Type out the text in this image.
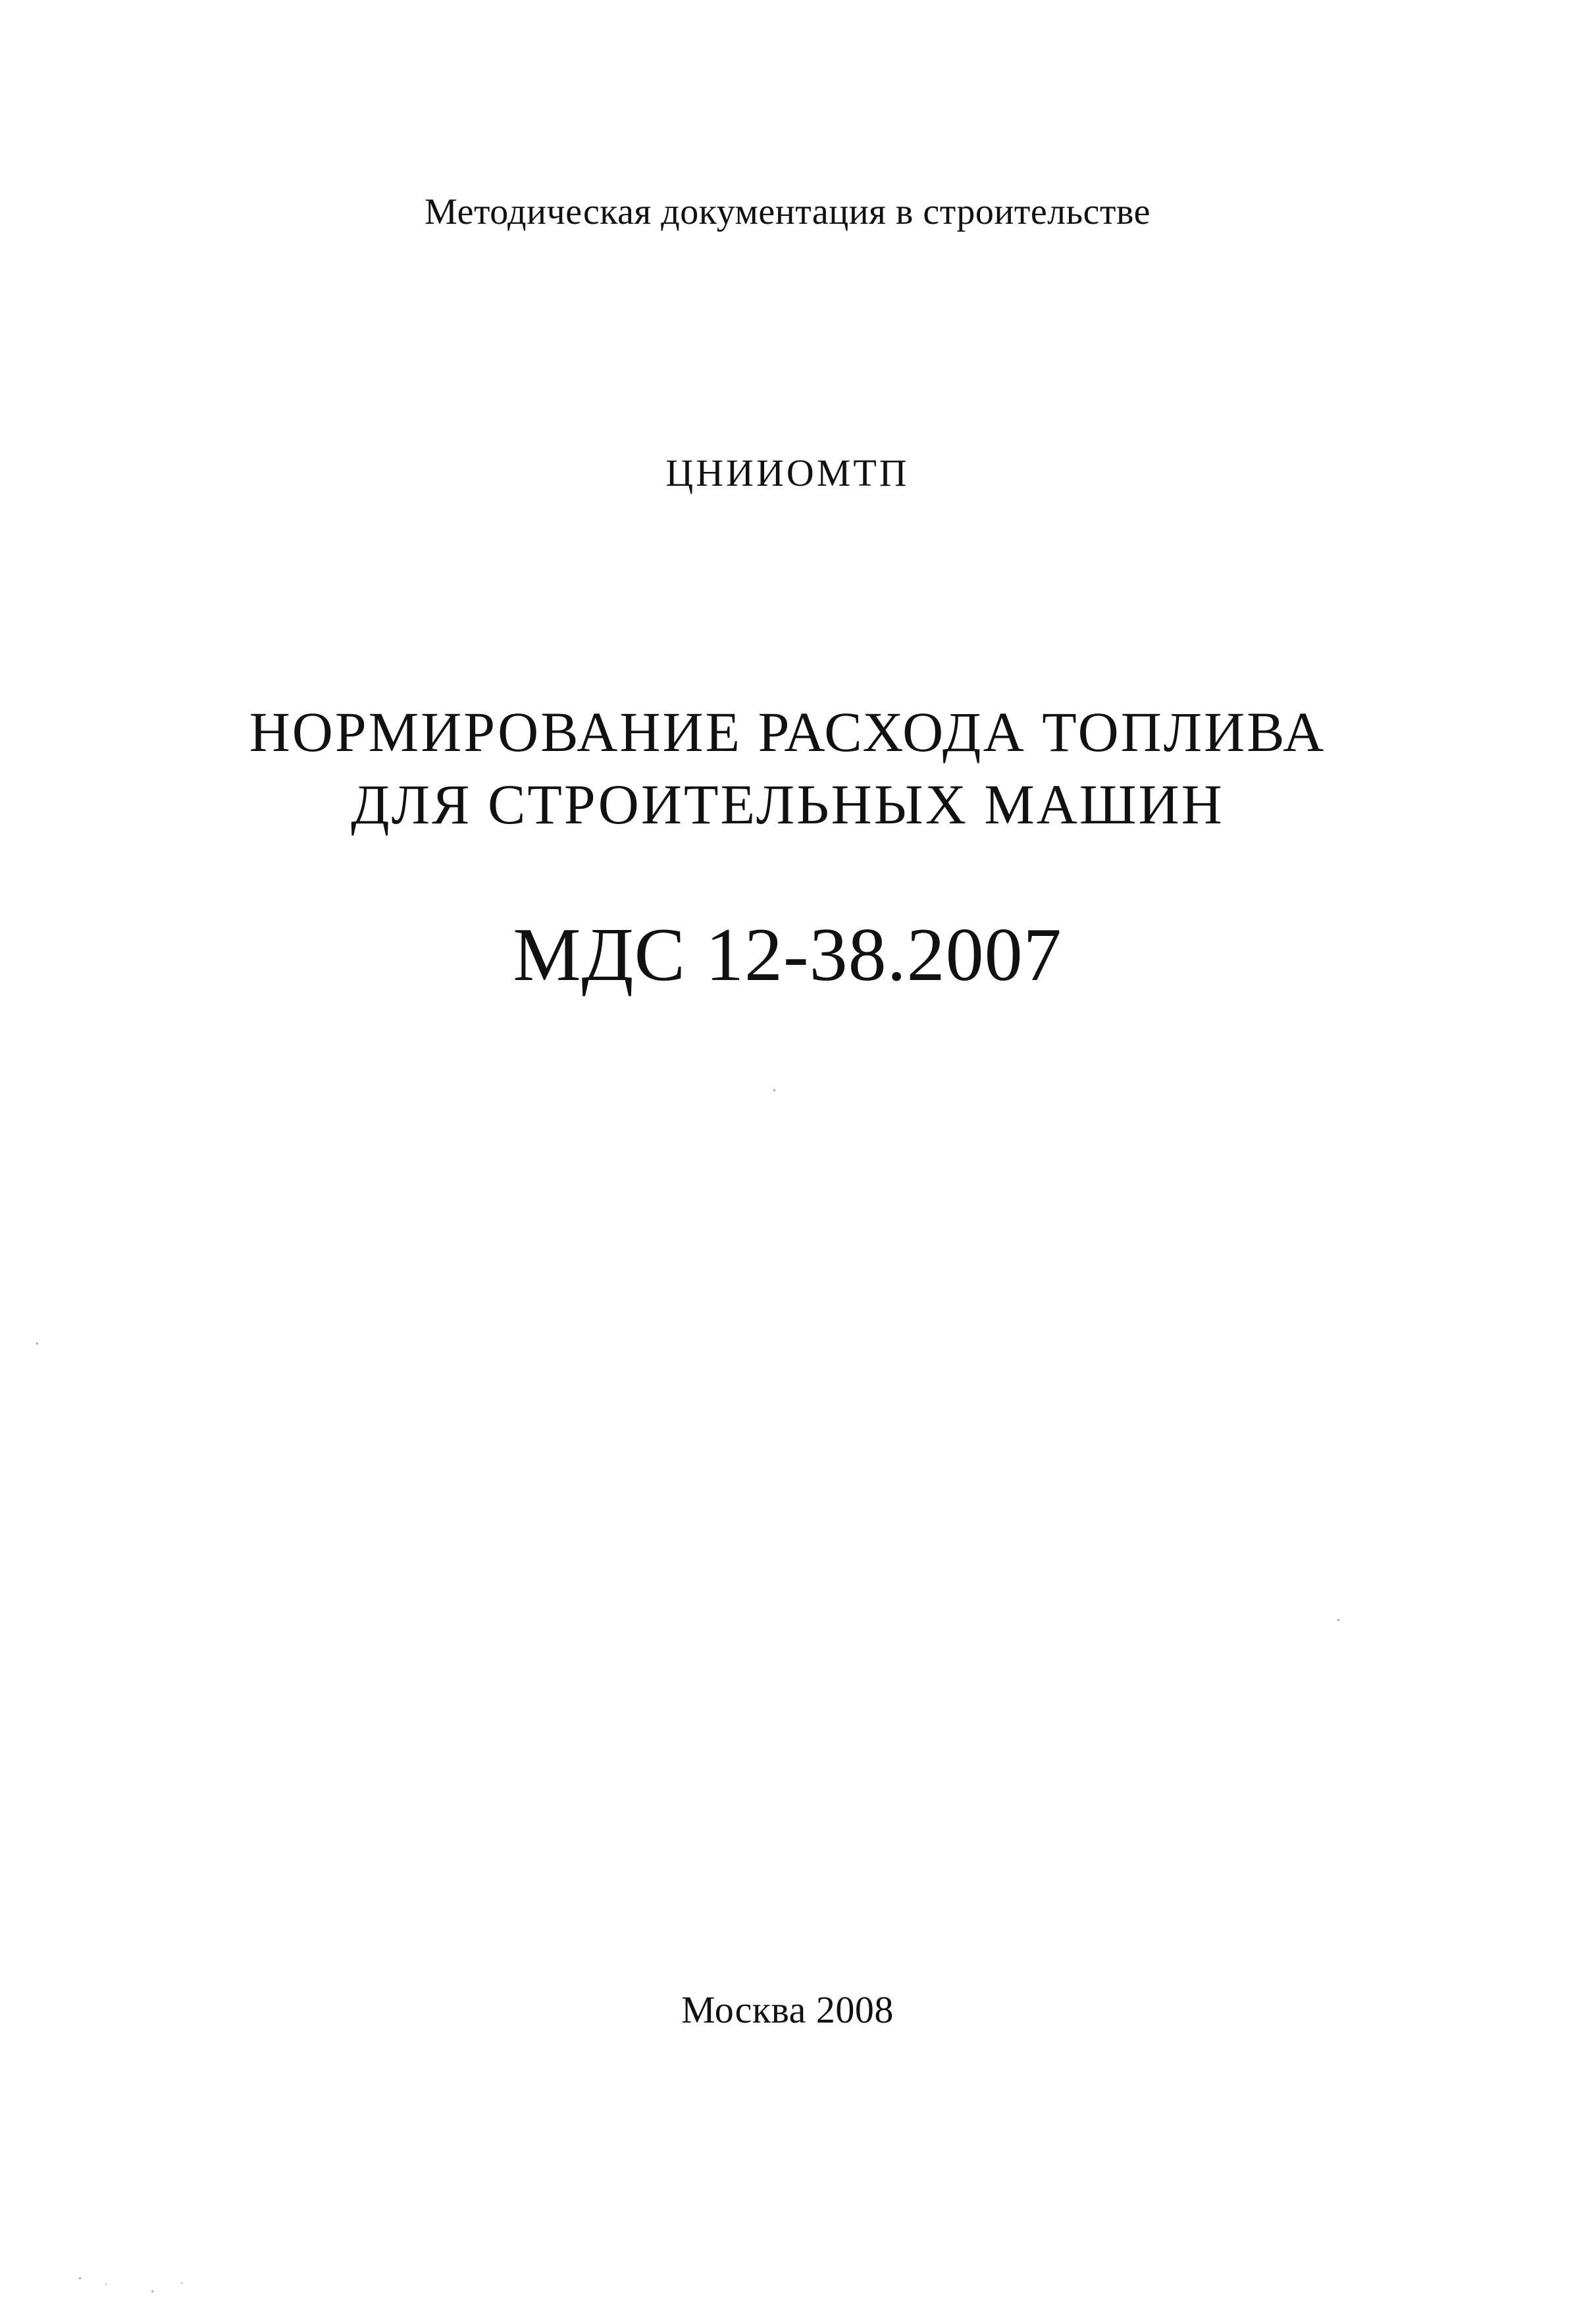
Методическая документация в строительстве
ЦНИИОМТП
НОРМИРОВАНИЕ РАСХОДА ТОПЛИВА
ДЛЯ СТРОИТЕЛЬНЫХ МАШИН
МДС 12-38.2007
Москва 2008
